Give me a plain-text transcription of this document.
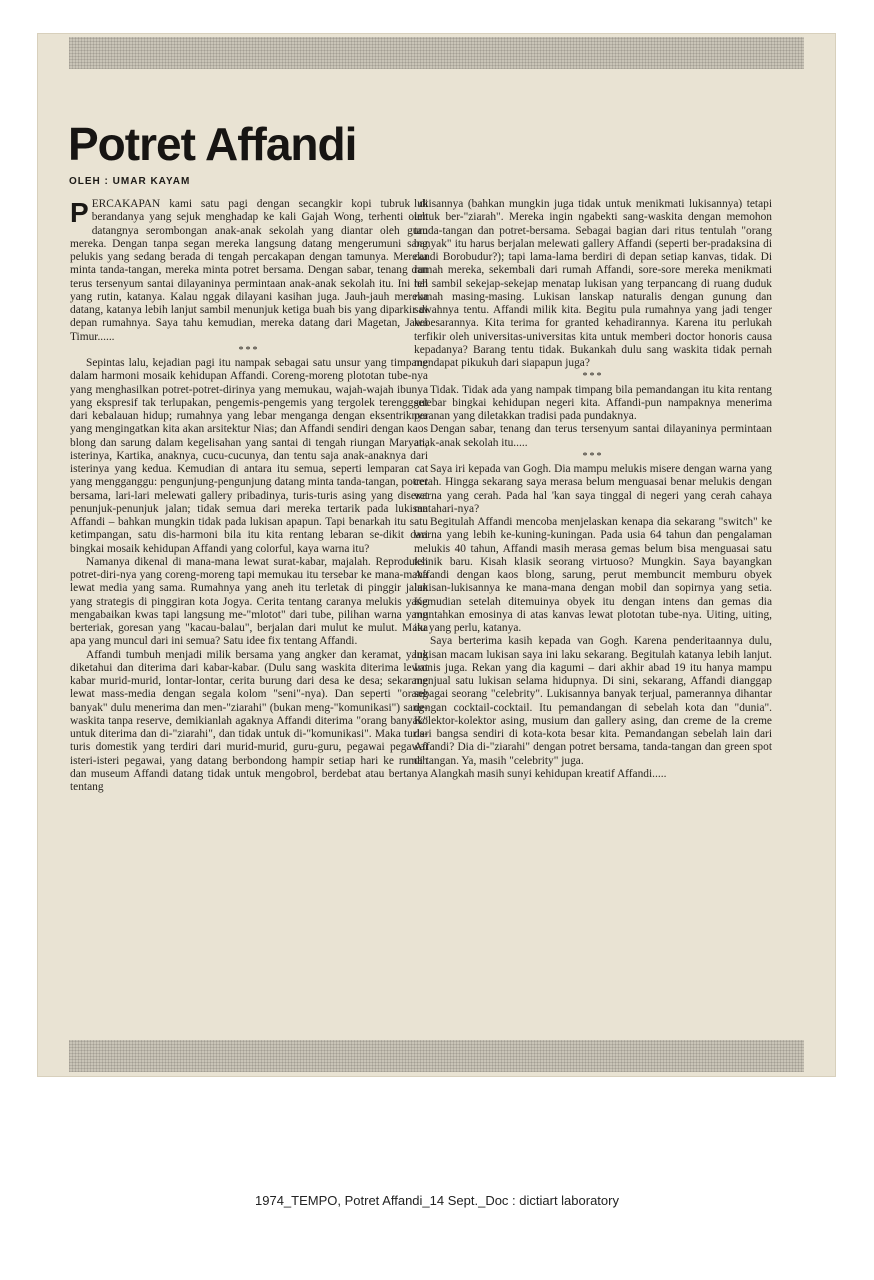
Potret Affandi
OLEH : UMAR KAYAM

PERCAKAPAN kami satu pagi dengan secangkir kopi tubruk di berandanya yang sejuk menghadap ke kali Gajah Wong, terhenti oleh datangnya serombongan anak-anak sekolah yang diantar oleh guru mereka. Dengan tanpa segan mereka langsung datang mengerumuni sang pelukis yang sedang berada di tengah percakapan dengan tamunya. Mereka minta tanda-tangan, mereka minta potret bersama. Dengan sabar, tenang dan terus tersenyum santai dilayaninya permintaan anak-anak sekolah itu. Ini hal yang rutin, katanya. Kalau nggak dilayani kasihan juga. Jauh-jauh mereka datang, katanya lebih lanjut sambil menunjuk ketiga buah bis yang diparkir di depan rumahnya. Saya tahu kemudian, mereka datang dari Magetan, Jawa Timur......

***

Sepintas lalu, kejadian pagi itu nampak sebagai satu unsur yang timpang dalam harmoni mosaik kehidupan Affandi. Coreng-moreng plototan tube-nya yang menghasilkan potret-potret-dirinya yang memukau, wajah-wajah ibunya yang ekspresif tak terlupakan, pengemis-pengemis yang tergolek terengggut dari kebalauan hidup; rumahnya yang lebar menganga dengan eksentriknya yang mengingatkan kita akan arsitektur Nias; dan Affandi sendiri dengan kaos blong dan sarung dalam kegelisahan yang santai di tengah riungan Maryati, isterinya, Kartika, anaknya, cucu-cucunya, dan tentu saja anak-anaknya dari isterinya yang kedua. Kemudian di antara itu semua, seperti lemparan cat yang mengganggu: pengunjung-pengunjung datang minta tanda-tangan, potret bersama, lari-lari melewati gallery pribadinya, turis-turis asing yang diseret penunjuk-penunjuk jalan; tidak semua dari mereka tertarik pada lukisan Affandi – bahkan mungkin tidak pada lukisan apapun. Tapi benarkah itu satu ketimpangan, satu dis-harmoni bila itu kita rentang lebaran se-dikit dari bingkai mosaik kehidupan Affandi yang colorful, kaya warna itu?

Namanya dikenal di mana-mana lewat surat-kabar, majalah. Reproduksi potret-diri-nya yang coreng-moreng tapi memukau itu tersebar ke mana-mana lewat media yang sama. Rumahnya yang aneh itu terletak di pinggir jalan yang strategis di pinggiran kota Jogya. Cerita tentang caranya melukis yang mengabaikan kwas tapi langsung me-"mlotot" dari tube, pilihan warna yang berteriak, goresan yang "kacau-balau", berjalan dari mulut ke mulut. Maka apa yang muncul dari ini semua? Satu idee fix tentang Affandi.

Affandi tumbuh menjadi milik bersama yang angker dan keramat, yang diketahui dan diterima dari kabar-kabar. (Dulu sang waskita diterima lewat kabar murid-murid, lontar-lontar, cerita burung dari desa ke desa; sekarang lewat mass-media dengan segala kolom "seni"-nya). Dan seperti "orang banyak" dulu menerima dan men-"ziarahi" (bukan meng-"komunikasi") sang-waskita tanpa reserve, demikianlah agaknya Affandi diterima "orang banyak" untuk diterima dan di-"ziarahi", dan tidak untuk di-"komunikasi". Maka turis-turis domestik yang terdiri dari murid-murid, guru-guru, pegawai pegawai isteri-isteri pegawai, yang datang berbondong hampir setiap hari ke rumah dan museum Affandi datang tidak untuk mengobrol, berdebat atau bertanya tentang

lukisannya (bahkan mungkin juga tidak untuk menikmati lukisannya) tetapi untuk ber-"ziarah". Mereka ingin ngabekti sang-waskita dengan memohon tanda-tangan dan potret-bersama. Sebagai bagian dari ritus tentulah "orang banyak" itu harus berjalan melewati gallery Affandi (seperti ber-pradaksina di candi Borobudur?); tapi lama-lama berdiri di depan setiap kanvas, tidak. Di rumah mereka, sekembali dari rumah Affandi, sore-sore mereka menikmati teh sambil sekejap-sekejap menatap lukisan yang terpancang di ruang duduk rumah masing-masing. Lukisan lanskap naturalis dengan gunung dan sawahnya tentu. Affandi milik kita. Begitu pula rumahnya yang jadi tenger kebesarannya. Kita terima for granted kehadirannya. Karena itu perlukah terfikir oleh universitas-universitas kita untuk memberi doctor honoris causa kepadanya? Barang tentu tidak. Bukankah dulu sang waskita tidak pernah mendapat pikukuh dari siapapun juga?

***

Tidak. Tidak ada yang nampak timpang bila pemandangan itu kita rentang selebar bingkai kehidupan negeri kita. Affandi-pun nampaknya menerima peranan yang diletakkan tradisi pada pundaknya.

Dengan sabar, tenang dan terus tersenyum santai dilayaninya permintaan anak-anak sekolah itu.....

***

Saya iri kepada van Gogh. Dia mampu melukis misere dengan warna yang cerah. Hingga sekarang saya merasa belum menguasai benar melukis dengan warna yang cerah. Pada hal 'kan saya tinggal di negeri yang cerah cahaya matahari-nya?

Begitulah Affandi mencoba menjelaskan kenapa dia sekarang "switch" ke warna yang lebih ke-kuning-kuningan. Pada usia 64 tahun dan pengalaman melukis 40 tahun, Affandi masih merasa gemas belum bisa menguasai satu tehnik baru. Kisah klasik seorang virtuoso? Mungkin. Saya bayangkan Affandi dengan kaos blong, sarung, perut membuncit memburu obyek lukisan-lukisannya ke mana-mana dengan mobil dan sopirnya yang setia. Kemudian setelah ditemuinya obyek itu dengan intens dan gemas dia muntahkan emosinya di atas kanvas lewat plototan tube-nya. Uiting, uiting, itu yang perlu, katanya.

Saya berterima kasih kepada van Gogh. Karena penderitaannya dulu, lukisan macam lukisan saya ini laku sekarang. Begitulah katanya lebih lanjut. Ironis juga. Rekan yang dia kagumi – dari akhir abad 19 itu hanya mampu menjual satu lukisan selama hidupnya. Di sini, sekarang, Affandi dianggap sebagai seorang "celebrity". Lukisannya banyak terjual, pamerannya dihantar dengan cocktail-cocktail. Itu pemandangan di sebelah kota dan "dunia". Kolektor-kolektor asing, musium dan gallery asing, dan creme de la creme dari bangsa sendiri di kota-kota besar kita. Pemandangan sebelah lain dari Affandi? Dia di-"ziarahi" dengan potret bersama, tanda-tangan dan green spot di tangan. Ya, masih "celebrity" juga.

Alangkah masih sunyi kehidupan kreatif Affandi.....

1974_TEMPO, Potret Affandi_14 Sept._Doc : dictiart laboratory
